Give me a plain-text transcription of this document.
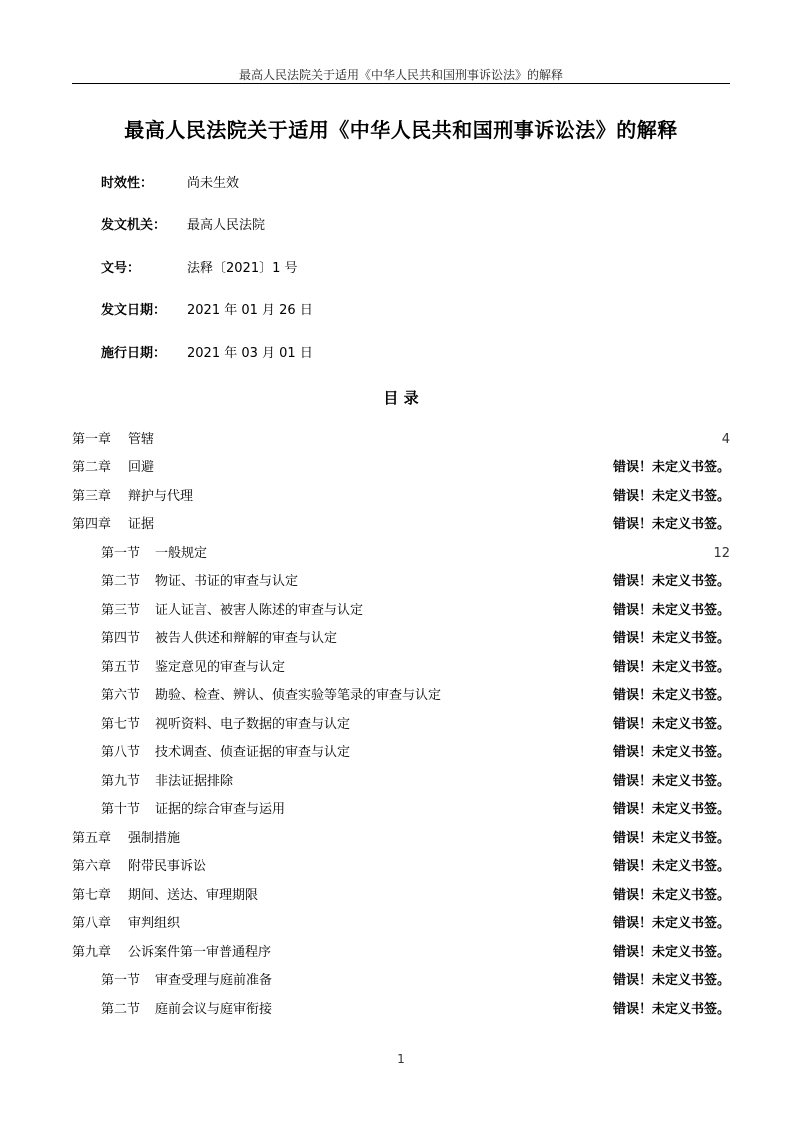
最高人民法院关于适用《中华人民共和国刑事诉讼法》的解释
最高人民法院关于适用《中华人民共和国刑事诉讼法》的解释
时效性：	尚未生效
发文机关： 最高人民法院
文号：	法释〔2021〕1 号
发文日期： 2021 年 01 月 26 日
施行日期： 2021 年 03 月 01 日
目 录
第一章 管辖	4
第二章 回避	错误！未定义书签。
第三章 辩护与代理	错误！未定义书签。
第四章 证据	错误！未定义书签。
第一节 一般规定	12
第二节 物证、书证的审查与认定	错误！未定义书签。
第三节 证人证言、被害人陈述的审查与认定	错误！未定义书签。
第四节 被告人供述和辩解的审查与认定	错误！未定义书签。
第五节 鉴定意见的审查与认定	错误！未定义书签。
第六节 勘验、检查、辨认、侦查实验等笔录的审查与认定	错误！未定义书签。
第七节 视听资料、电子数据的审查与认定	错误！未定义书签。
第八节 技术调查、侦查证据的审查与认定	错误！未定义书签。
第九节 非法证据排除	错误！未定义书签。
第十节 证据的综合审查与运用	错误！未定义书签。
第五章 强制措施	错误！未定义书签。
第六章 附带民事诉讼	错误！未定义书签。
第七章 期间、送达、审理期限	错误！未定义书签。
第八章 审判组织	错误！未定义书签。
第九章 公诉案件第一审普通程序	错误！未定义书签。
第一节 审查受理与庭前准备	错误！未定义书签。
第二节 庭前会议与庭审衔接	错误！未定义书签。
1
